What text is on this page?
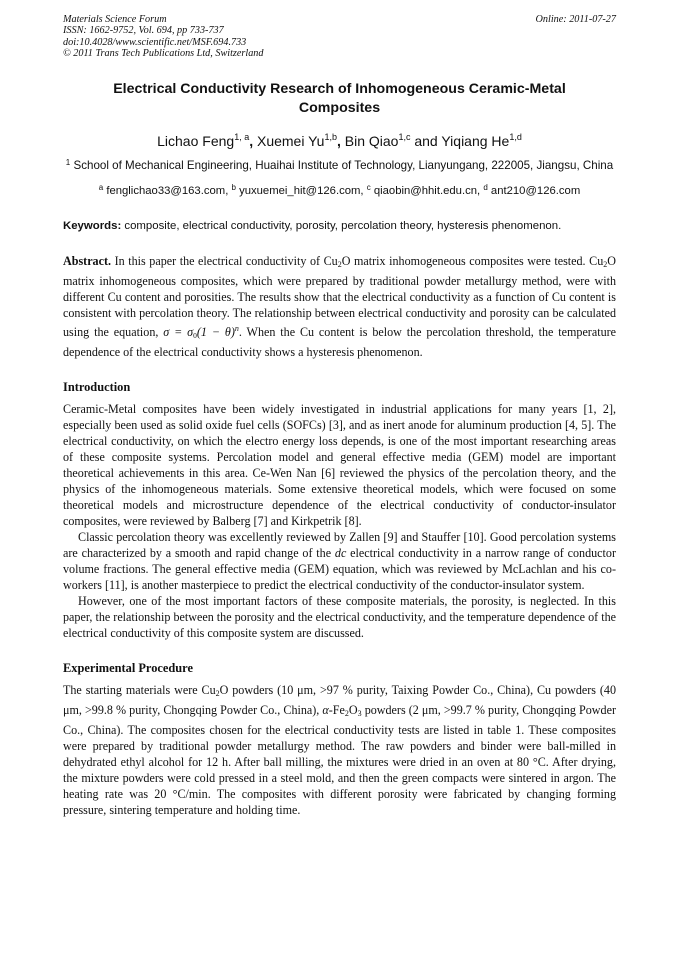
Materials Science Forum
ISSN: 1662-9752, Vol. 694, pp 733-737
doi:10.4028/www.scientific.net/MSF.694.733
© 2011 Trans Tech Publications Ltd, Switzerland
Online: 2011-07-27
Electrical Conductivity Research of Inhomogeneous Ceramic-Metal Composites
Lichao Feng$^{1, a}$, Xuemei Yu$^{1,b}$, Bin Qiao$^{1,c}$ and Yiqiang He$^{1,d}$
$^1$ School of Mechanical Engineering, Huaihai Institute of Technology, Lianyungang, 222005, Jiangsu, China
$^a$ fenglichao33@163.com, $^b$ yuxuemei_hit@126.com, $^c$ qiaobin@hhit.edu.cn, $^d$ ant210@126.com
Keywords: composite, electrical conductivity, porosity, percolation theory, hysteresis phenomenon.
Abstract. In this paper the electrical conductivity of $Cu_2O$ matrix inhomogeneous composites were tested. $Cu_2O$ matrix inhomogeneous composites, which were prepared by traditional powder metallurgy method, were with different Cu content and porosities. The results show that the electrical conductivity as a function of Cu content is consistent with percolation theory. The relationship between electrical conductivity and porosity can be calculated using the equation, $\sigma = \sigma_0(1 - \theta)^n$. When the Cu content is below the percolation threshold, the temperature dependence of the electrical conductivity shows a hysteresis phenomenon.
Introduction
Ceramic-Metal composites have been widely investigated in industrial applications for many years [1, 2], especially been used as solid oxide fuel cells (SOFCs) [3], and as inert anode for aluminum production [4, 5]. The electrical conductivity, on which the electro energy loss depends, is one of the most important researching areas of these composite systems. Percolation model and general effective media (GEM) model are important theoretical achievements in this area. Ce-Wen Nan [6] reviewed the physics of the percolation theory, and the physics of the inhomogeneous materials. Some extensive theoretical models, which were focused on some theoretical models and microstructure dependence of the electrical conductivity of conductor-insulator composites, were reviewed by Balberg [7] and Kirkpetrik [8].
Classic percolation theory was excellently reviewed by Zallen [9] and Stauffer [10]. Good percolation systems are characterized by a smooth and rapid change of the dc electrical conductivity in a narrow range of conductor volume fractions. The general effective media (GEM) equation, which was reviewed by McLachlan and his co-workers [11], is another masterpiece to predict the electrical conductivity of the conductor-insulator system.
However, one of the most important factors of these composite materials, the porosity, is neglected. In this paper, the relationship between the porosity and the electrical conductivity, and the temperature dependence of the electrical conductivity of this composite system are discussed.
Experimental Procedure
The starting materials were $Cu_2O$ powders (10 μm, >97 % purity, Taixing Powder Co., China), Cu powders (40 μm, >99.8 % purity, Chongqing Powder Co., China), $\alpha-Fe_2O_3$ powders (2 μm, >99.7 % purity, Chongqing Powder Co., China). The composites chosen for the electrical conductivity tests are listed in table 1. These composites were prepared by traditional powder metallurgy method. The raw powders and binder were ball-milled in dehydrated ethyl alcohol for 12 h. After ball milling, the mixtures were dried in an oven at 80 °C. After drying, the mixture powders were cold pressed in a steel mold, and then the green compacts were sintered in argon. The heating rate was 20 °C/min. The composites with different porosity were fabricated by changing forming pressure, sintering temperature and holding time.
